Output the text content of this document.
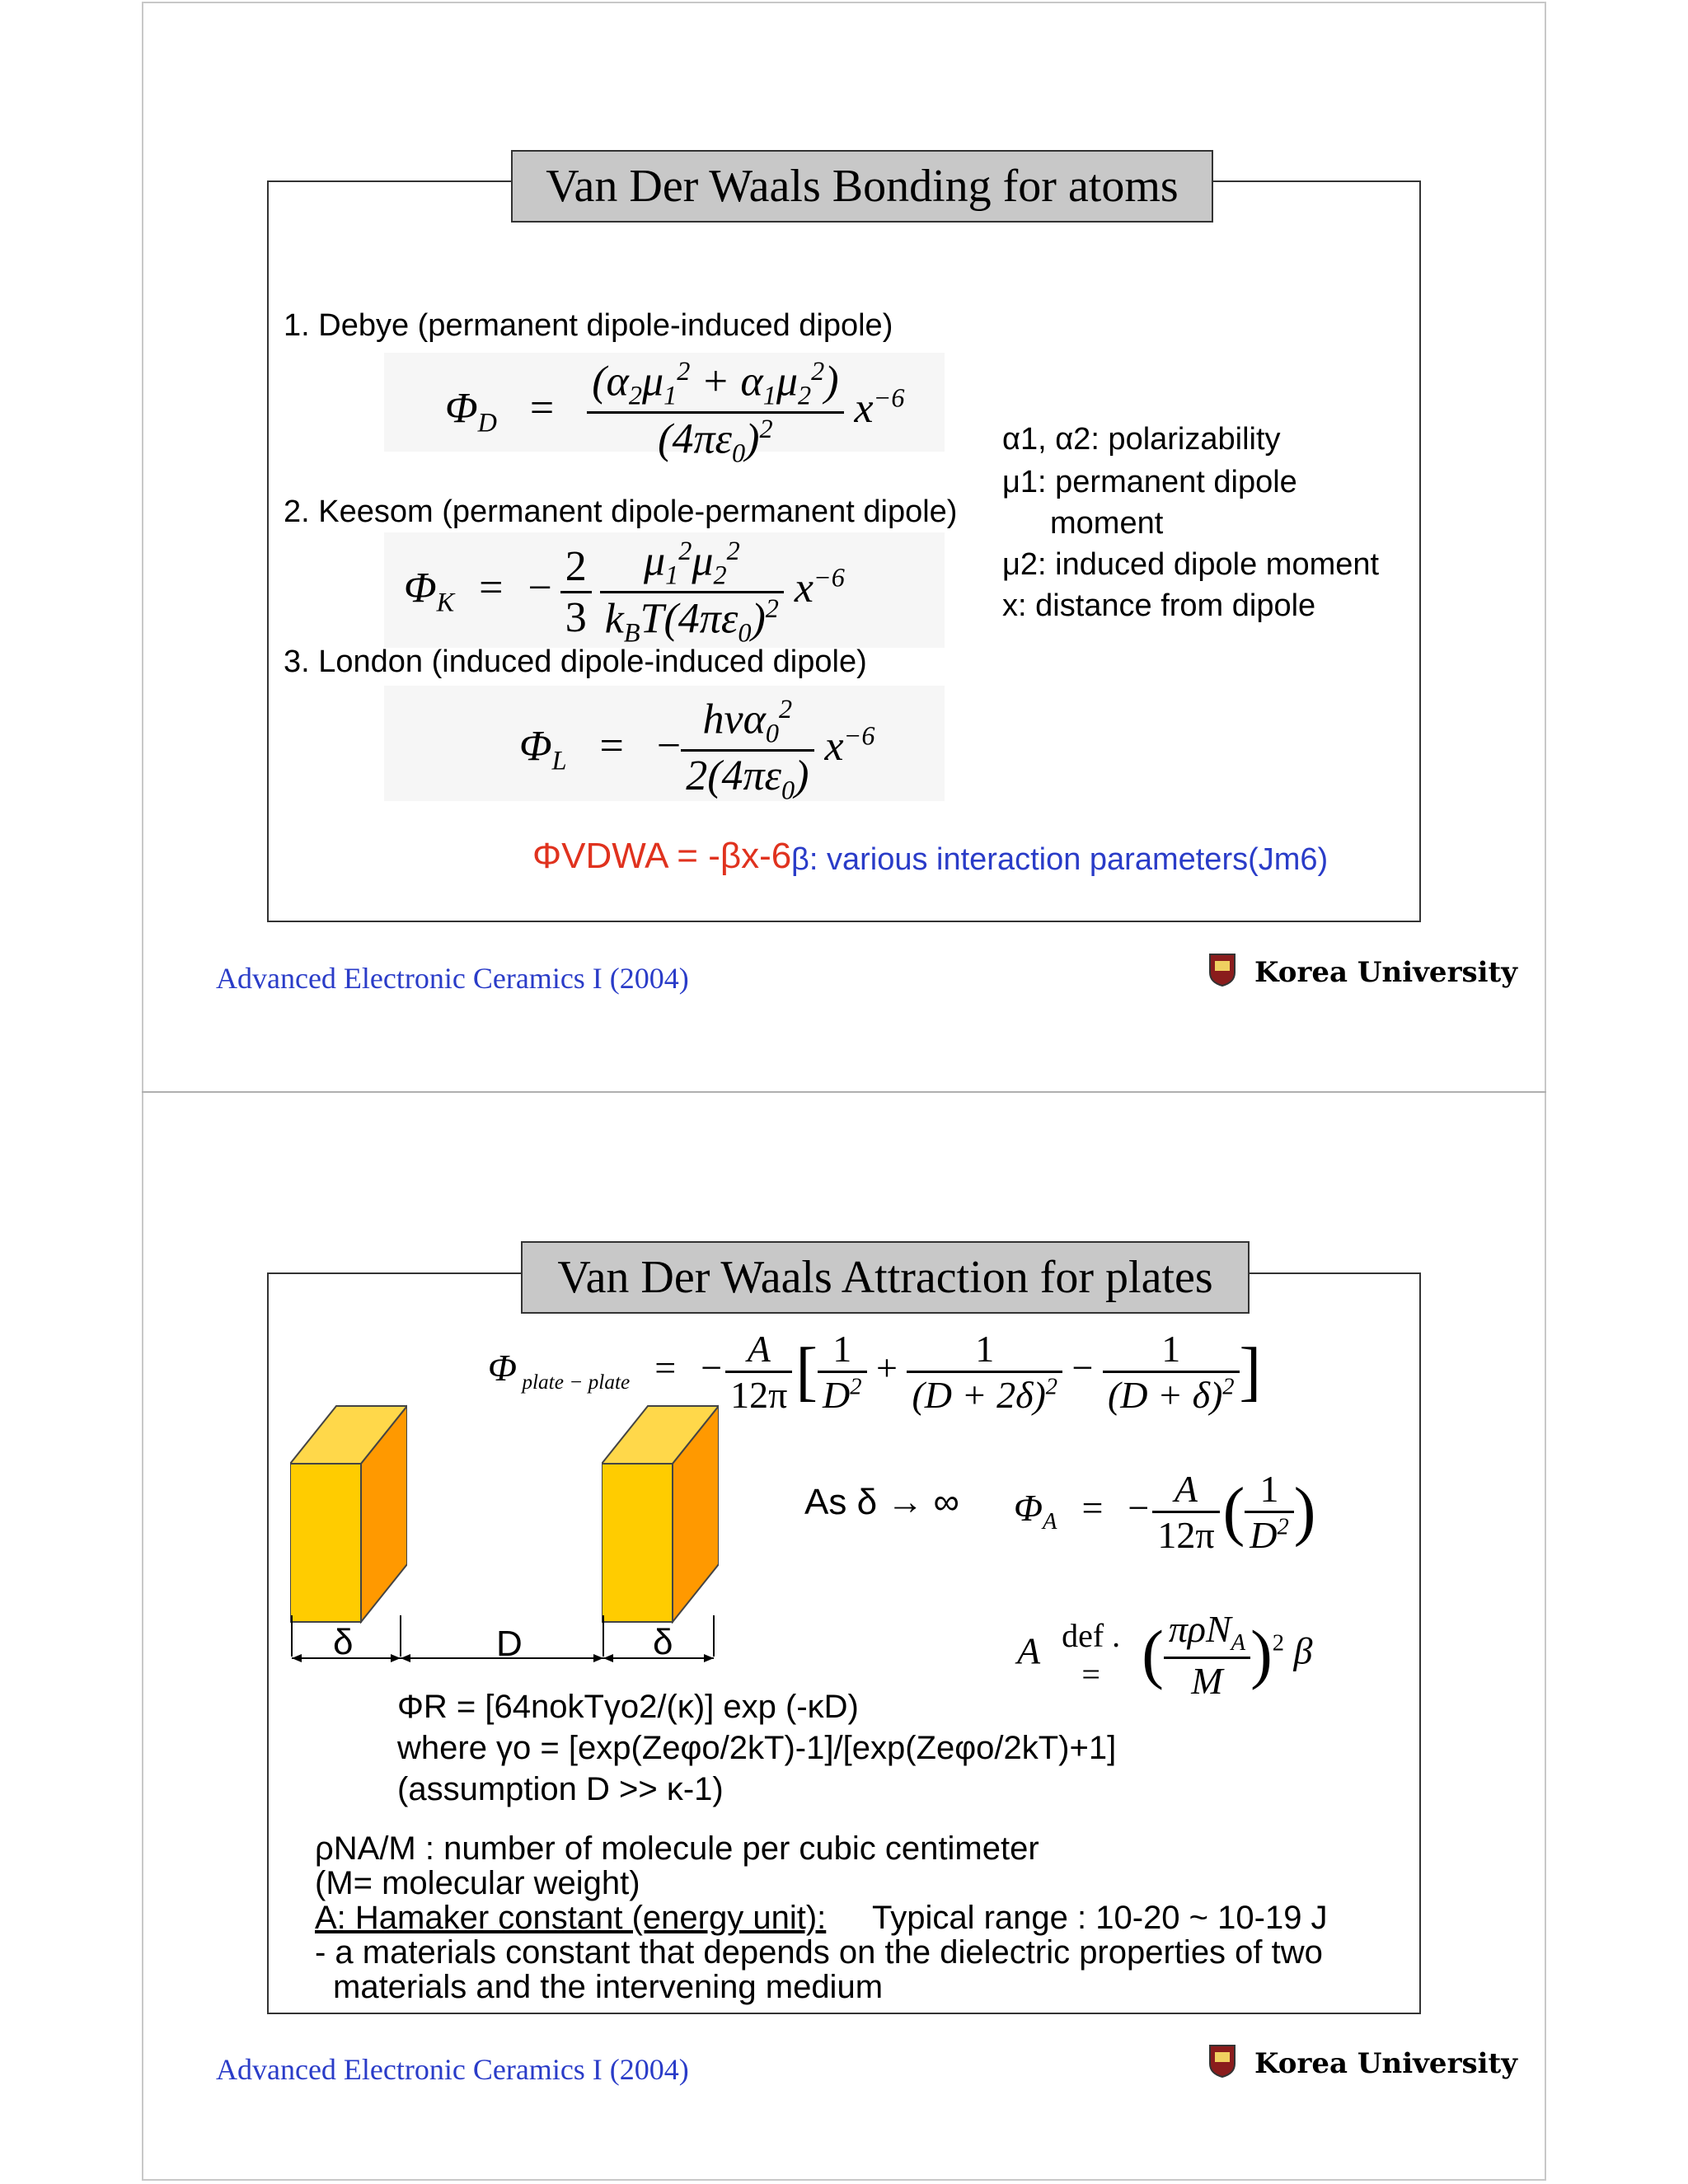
Van Der Waals Bonding for atoms
1. Debye (permanent dipole-induced dipole)
$\Phi_D = \frac{(\alpha_2\mu_1^2 + \alpha_1\mu_2^2)}{(4\pi\varepsilon_0)^2} x^{-6}$
2. Keesom (permanent dipole-permanent dipole)
$\Phi_K$ = − $\frac{2}{3} \frac{\mu_1^2\mu_2^2}{k_BT(4\pi\varepsilon_0)^2} x^{-6}$
3. London (induced dipole-induced dipole)
$\Phi_L$ = − $\frac{h\nu\alpha_0^2}{2(4\pi\varepsilon_0)} x^{-6}$
α1, α2: polarizability
μ1: permanent dipole
moment
μ2: induced dipole moment
x: distance from dipole
ΦVDWA = -βx-6 β: various interaction parameters(Jm6)
Advanced Electronic Ceramics I (2004)	Korea University
Van Der Waals Attraction for plates
Φ $_{plate - plate}$ = − $\frac{A}{12\pi}$ [ $\frac{1}{D^2} + \frac{1}{(D + 2\delta)^2} - \frac{1}{(D + \delta)^2}$ ]
δ	D	δ
As δ → ∞ $\Phi_A$ = − $\frac{A}{12\pi}$ ( $\frac{1}{D^2}$ )
A def .
= ( $\frac{\pi\rho N_A}{M} )^2$ β
ΦR = [64nokTγo2/(κ)] exp (-κD)
where γo = [exp(Zeφo/2kT)-1]/[exp(Zeφo/2kT)+1]
(assumption D >> κ-1)
ρNA/M : number of molecule per cubic centimeter
(M= molecular weight)
A: Hamaker constant (energy unit): Typical range : 10-20 ~ 10-19 J
- a materials constant that depends on the dielectric properties of two
materials and the intervening medium
Advanced Electronic Ceramics I (2004)	Korea University
